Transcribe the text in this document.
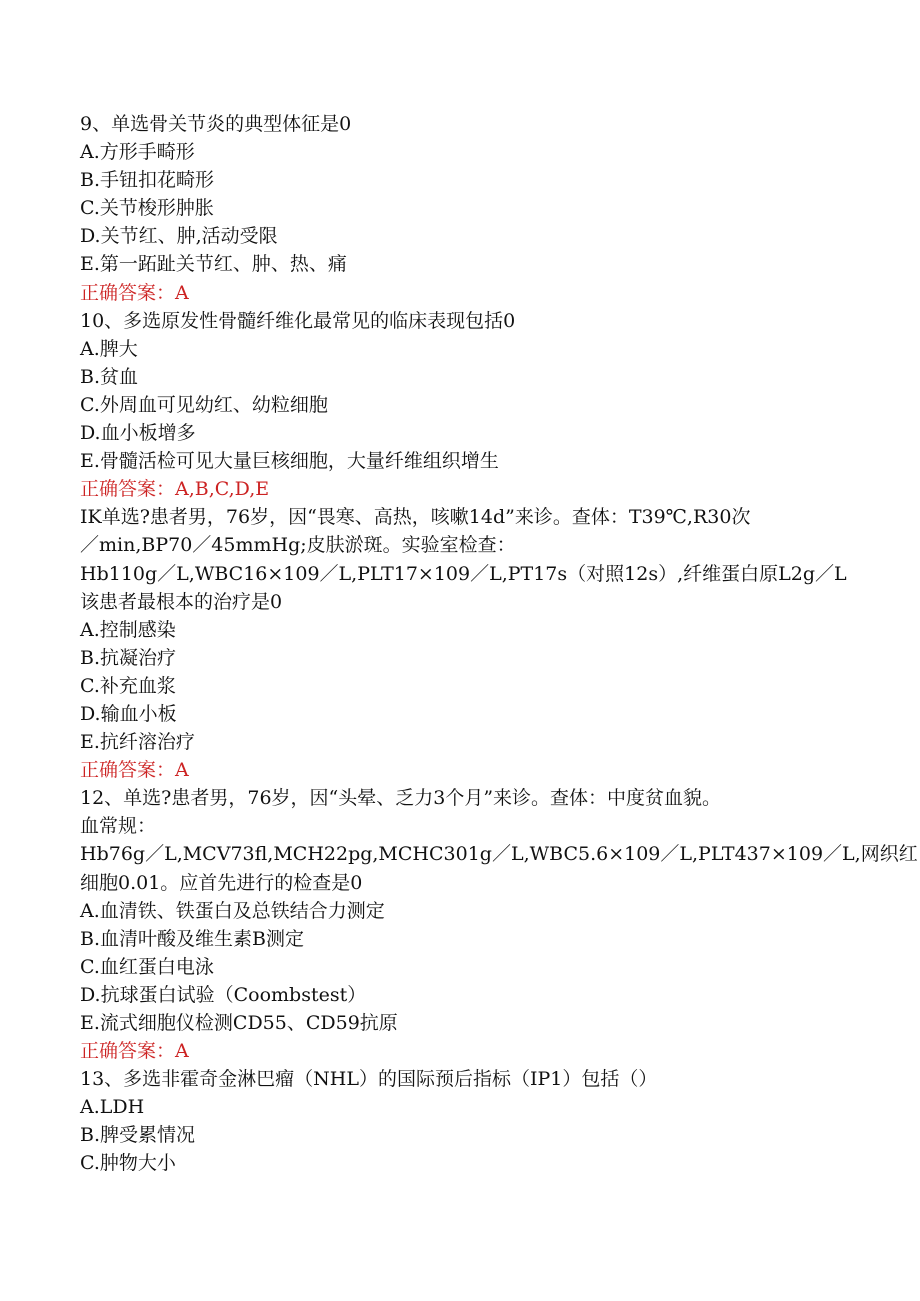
9、单选骨关节炎的典型体征是0
A.方形手畸形
B.手钮扣花畸形
C.关节梭形肿胀
D.关节红、肿,活动受限
E.第一跖趾关节红、肿、热、痛
正确答案：A
10、多选原发性骨髓纤维化最常见的临床表现包括0
A.脾大
B.贫血
C.外周血可见幼红、幼粒细胞
D.血小板增多
E.骨髓活检可见大量巨核细胞，大量纤维组织增生
正确答案：A,B,C,D,E
IK单选?患者男，76岁，因“畏寒、高热，咳嗽14d”来诊。查体：T39℃,R30次
／min,BP70／45mmHg;皮肤淤斑。实验室检查：
Hb110g／L,WBC16×109／L,PLT17×109／L,PT17s（对照12s）,纤维蛋白原L2g／L
该患者最根本的治疗是0
A.控制感染
B.抗凝治疗
C.补充血浆
D.输血小板
E.抗纤溶治疗
正确答案：A
12、单选?患者男，76岁，因“头晕、乏力3个月”来诊。查体：中度贫血貌。
血常规：
Hb76g／L,MCV73fl,MCH22pg,MCHC301g／L,WBC5.6×109／L,PLT437×109／L,网织红
细胞0.01。应首先进行的检查是0
A.血清铁、铁蛋白及总铁结合力测定
B.血清叶酸及维生素B测定
C.血红蛋白电泳
D.抗球蛋白试验（Coombstest）
E.流式细胞仪检测CD55、CD59抗原
正确答案：A
13、多选非霍奇金淋巴瘤（NHL）的国际预后指标（IP1）包括（）
A.LDH
B.脾受累情况
C.肿物大小
